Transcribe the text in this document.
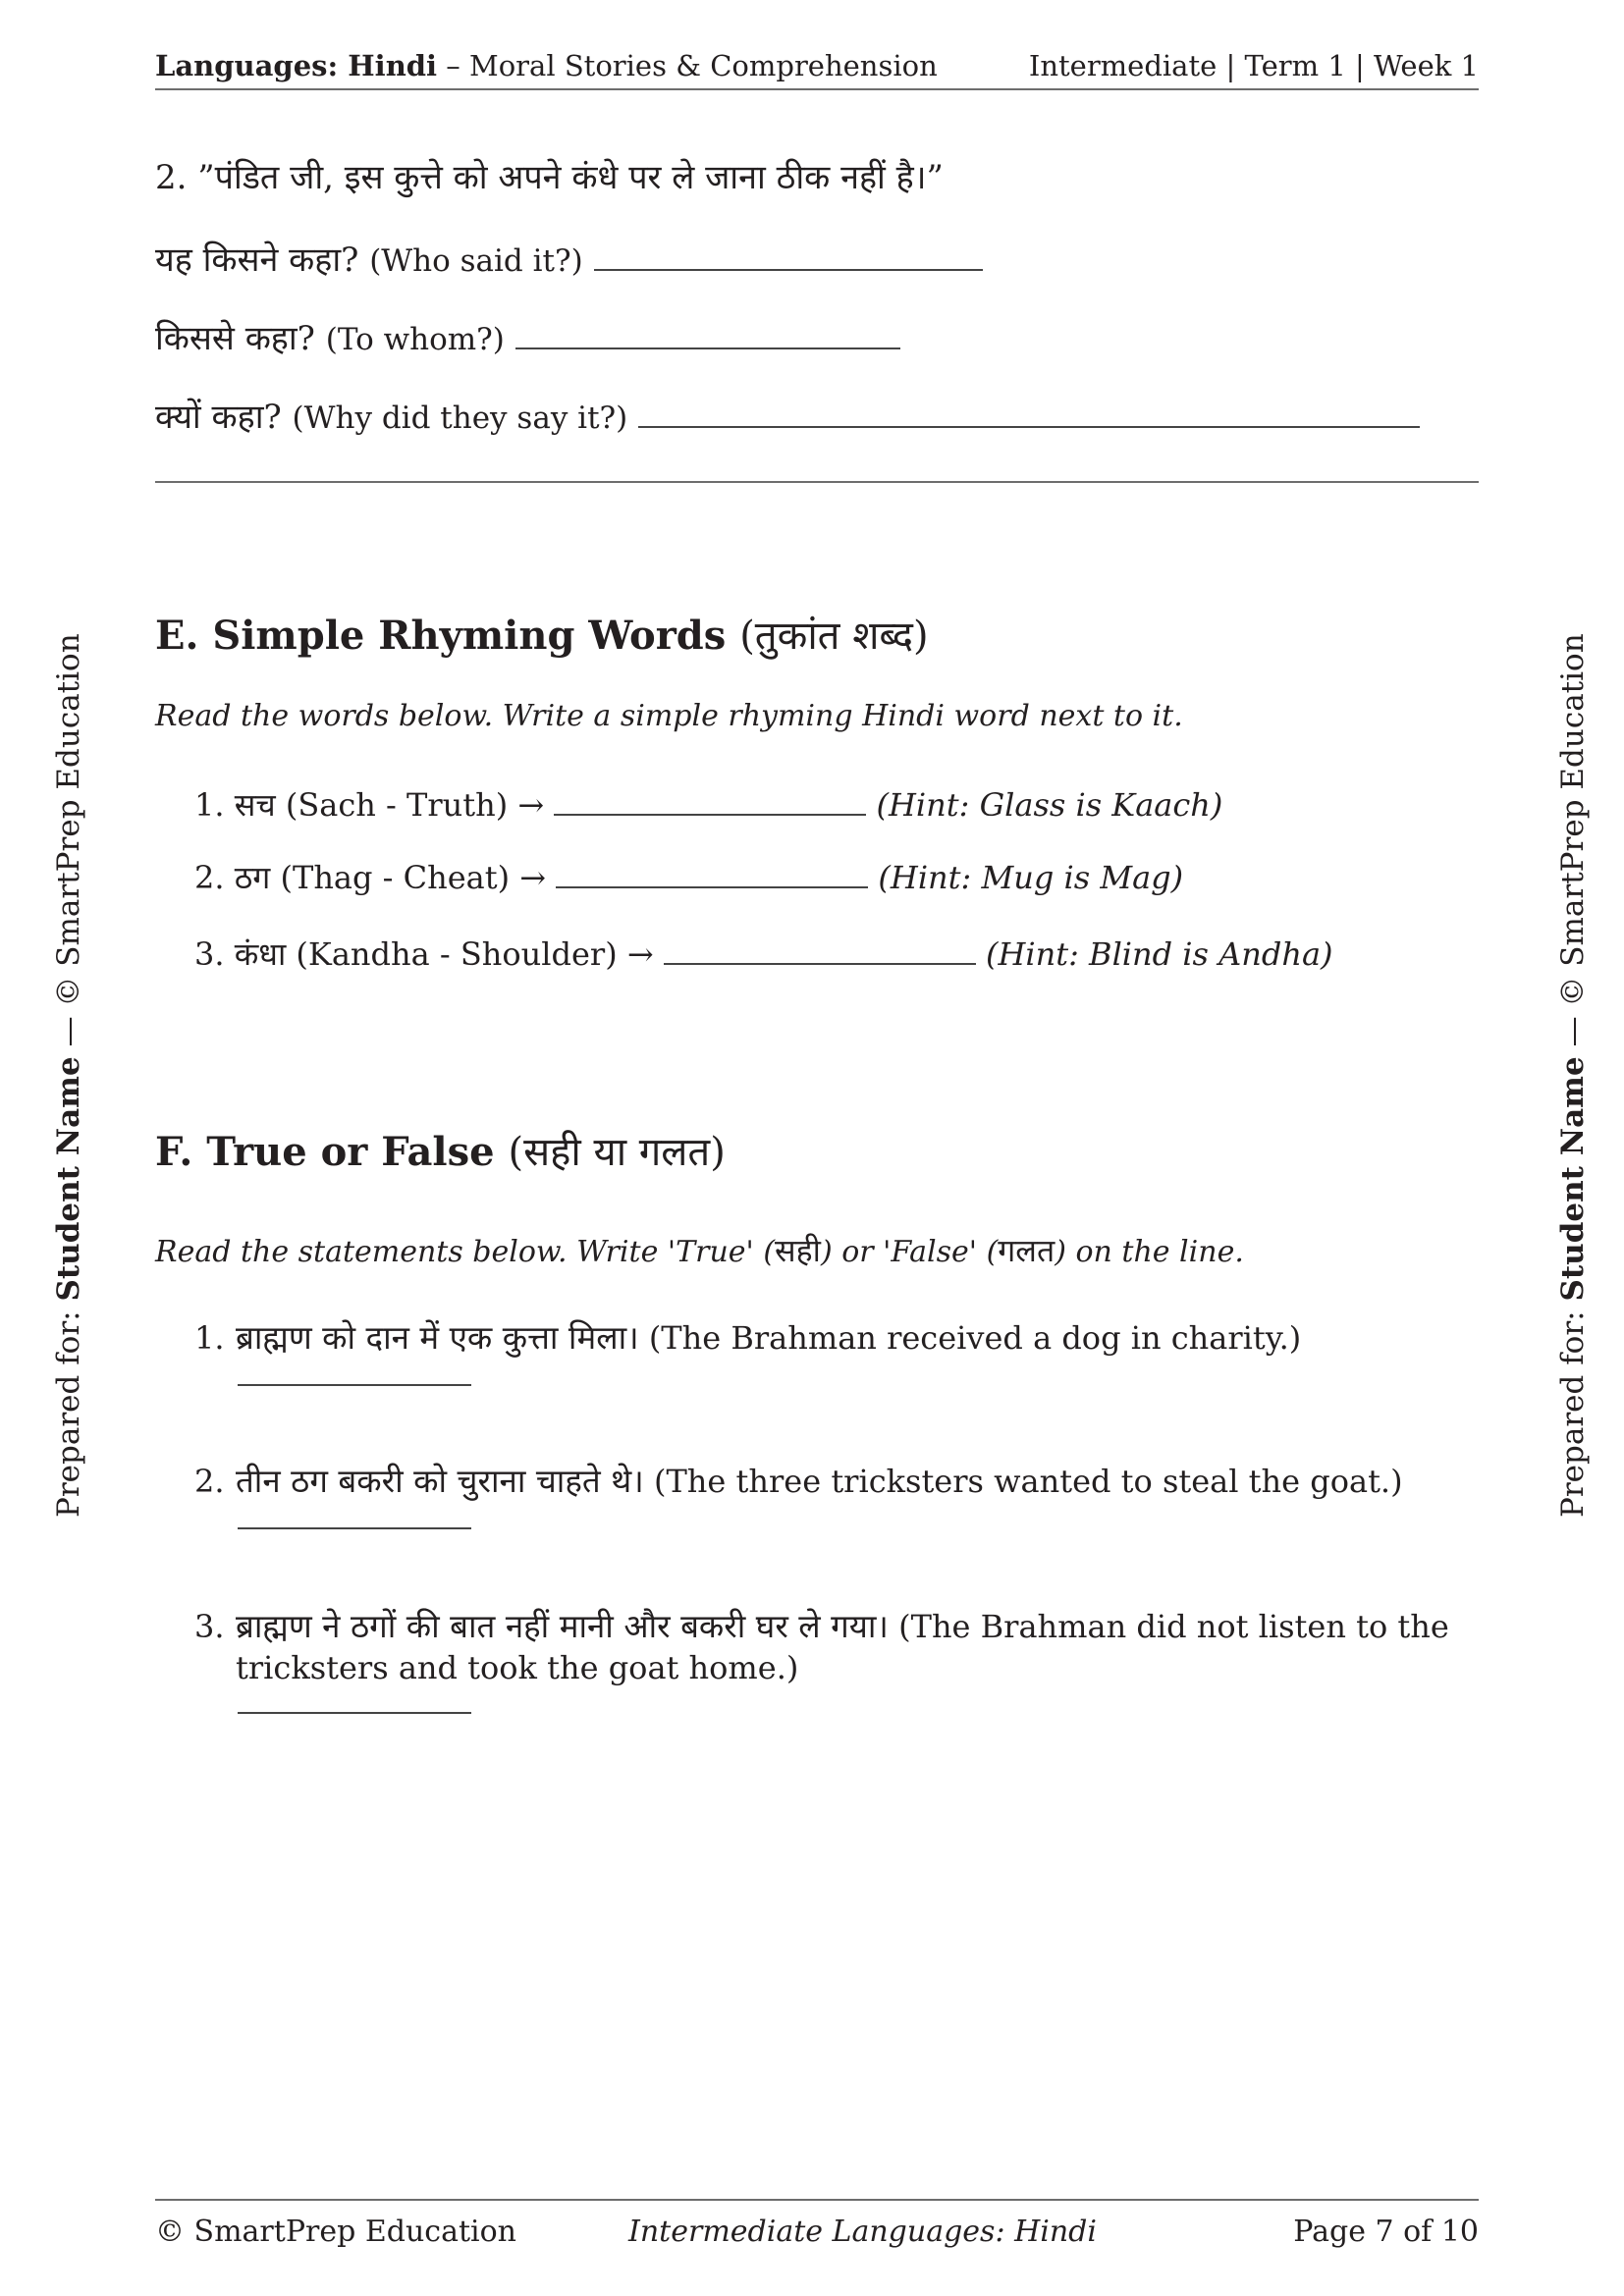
Languages: Hindi – Moral Stories & Comprehension	Intermediate | Term 1 | Week 1
2. ”पंडित जी, इस कुत्ते को अपने कंधे पर ले जाना ठीक नहीं है।”
यह किसने कहा? (Who said it?)
किससे कहा? (To whom?)
क्यों कहा? (Why did they say it?)
E. Simple Rhyming Words (तुकांत शब्द)
Read the words below. Write a simple rhyming Hindi word next to it.
1. सच (Sach - Truth) →	(Hint: Glass is Kaach)
2. ठग (Thag - Cheat) →	(Hint: Mug is Mag)
3. कंधा (Kandha - Shoulder) →	(Hint: Blind is Andha)
F. True or False (सही या गलत)
Read the statements below. Write 'True' (सही) or 'False' (गलत) on the line.
1. ब्राह्मण को दान में एक कुत्ता मिला। (The Brahman received a dog in charity.)
2. तीन ठग बकरी को चुराना चाहते थे। (The three tricksters wanted to steal the goat.)
3. ब्राह्मण ने ठगों की बात नहीं मानी और बकरी घर ले गया। (The Brahman did not listen to the tricksters and took the goat home.)
Prepared for: Student Name — © SmartPrep Education
Prepared for: Student Name — © SmartPrep Education
© SmartPrep Education	Intermediate Languages: Hindi	Page 7 of 10
